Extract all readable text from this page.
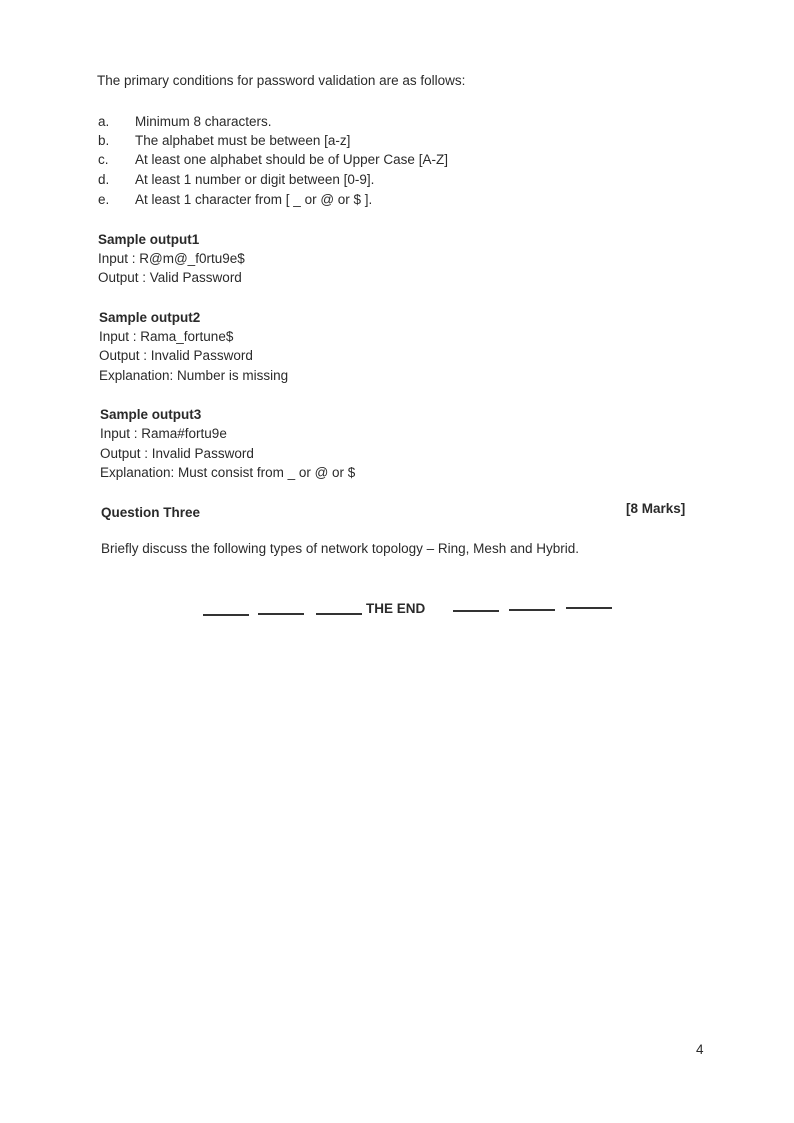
The primary conditions for password validation are as follows:
a. Minimum 8 characters.
b. The alphabet must be between [a-z]
c. At least one alphabet should be of Upper Case [A-Z]
d. At least 1 number or digit between [0-9].
e. At least 1 character from [ _ or @ or $ ].
Sample output1
Input : R@m@_f0rtu9e$
Output : Valid Password
Sample output2
Input : Rama_fortune$
Output : Invalid Password
Explanation: Number is missing
Sample output3
Input : Rama#fortu9e
Output : Invalid Password
Explanation: Must consist from _ or @ or $
Question Three	[8 Marks]
Briefly discuss the following types of network topology – Ring, Mesh and Hybrid.
THE END
4
